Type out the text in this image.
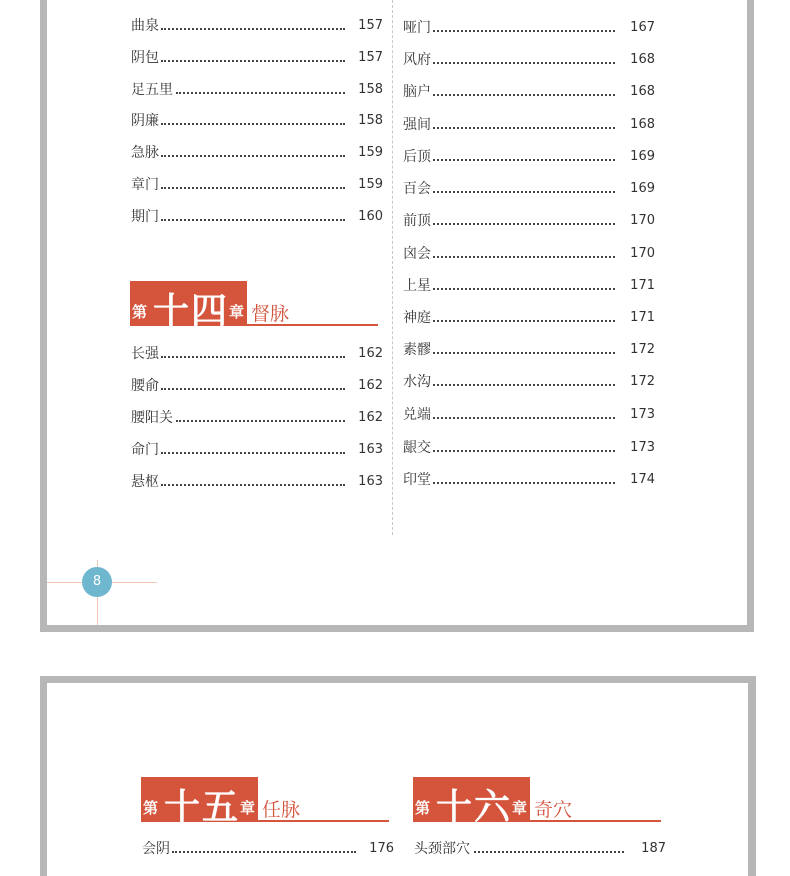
曲泉	157
阴包	157
足五里	158
阴廉	158
急脉	159
章门	159
期门	160
第 十四 章 督脉
长强	162
腰俞	162
腰阳关	162
命门	163
悬枢	163
哑门	167
风府	168
脑户	168
强间	168
后顶	169
百会	169
前顶	170
囟会	170
上星	171
神庭	171
素髎	172
水沟	172
兑端	173
龈交	173
印堂	174
8
第 十五 章 任脉
会阴	176
第 十六 章 奇穴
头颈部穴	187
